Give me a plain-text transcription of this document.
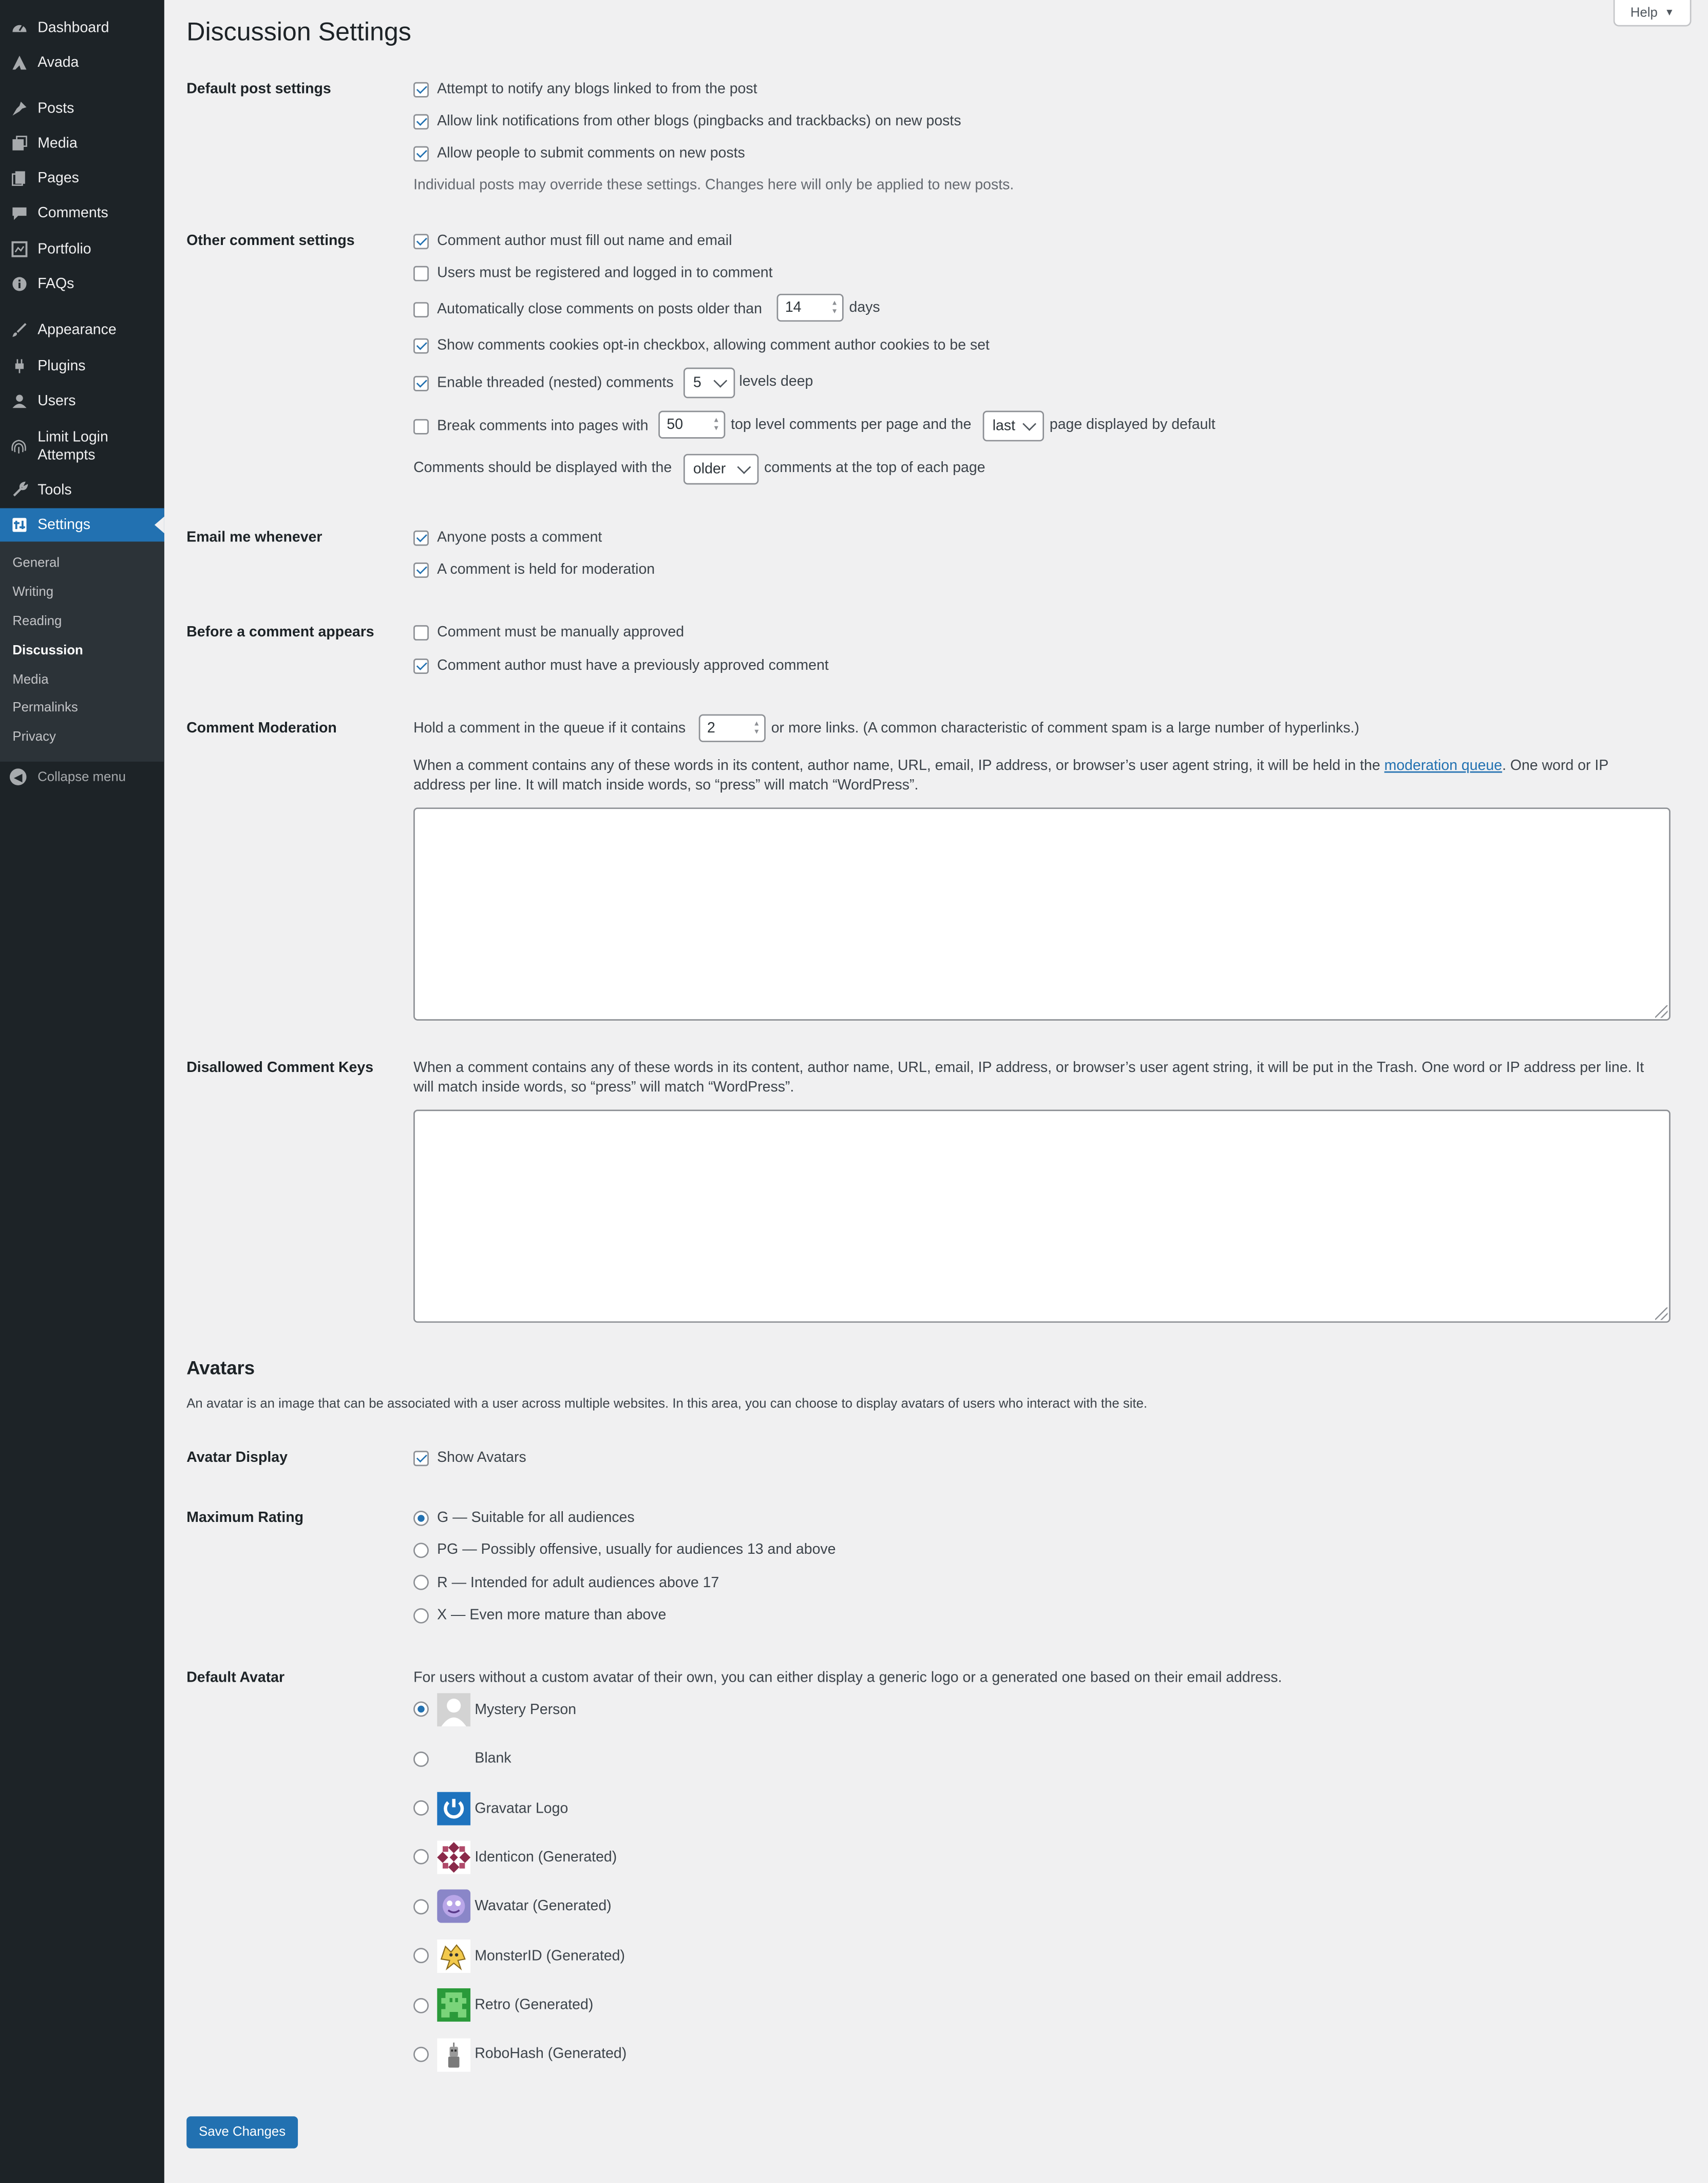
Dashboard
Avada
Posts
Media
Pages
Comments
Portfolio
FAQs
Appearance
Plugins
Users
Limit Login Attempts
Tools
Settings
General
Writing
Reading
Discussion
Media
Permalinks
Privacy
◀	Collapse menu
Discussion Settings
Help ▼
Default post settings	Attempt to notify any blogs linked to from the post
Allow link notifications from other blogs (pingbacks and trackbacks) on new posts
Allow people to submit comments on new posts
Individual posts may override these settings. Changes here will only be applied to new posts.
Other comment settings	Comment author must fill out name and email
Users must be registered and logged in to comment
Automatically close comments on posts older than	14	▲
▼ days
Show comments cookies opt-in checkbox, allowing comment author cookies to be set
Enable threaded (nested) comments	5	levels deep
Break comments into pages with	50	▲
▼ top level comments per page and the	last	page displayed by default
Comments should be displayed with the	older	comments at the top of each page
Email me whenever	Anyone posts a comment
A comment is held for moderation
Before a comment appears	Comment must be manually approved
Comment author must have a previously approved comment
Comment Moderation	Hold a comment in the queue if it contains	2	▲
▼ or more links. (A common characteristic of comment spam is a large number of hyperlinks.)
When a comment contains any of these words in its content, author name, URL, email, IP address, or browser’s user agent string, it will be held in the moderation queue. One word or IP
address per line. It will match inside words, so “press” will match “WordPress”.
Disallowed Comment Keys	When a comment contains any of these words in its content, author name, URL, email, IP address, or browser’s user agent string, it will be put in the Trash. One word or IP address per line. It
will match inside words, so “press” will match “WordPress”.
Avatars
An avatar is an image that can be associated with a user across multiple websites. In this area, you can choose to display avatars of users who interact with the site.
Avatar Display	Show Avatars
Maximum Rating	G — Suitable for all audiences
PG — Possibly offensive, usually for audiences 13 and above
R — Intended for adult audiences above 17
X — Even more mature than above
Default Avatar	For users without a custom avatar of their own, you can either display a generic logo or a generated one based on their email address.
Mystery Person
Blank
Gravatar Logo
Identicon (Generated)
Wavatar (Generated)
MonsterID (Generated)
Retro (Generated)
RoboHash (Generated)
Save Changes
